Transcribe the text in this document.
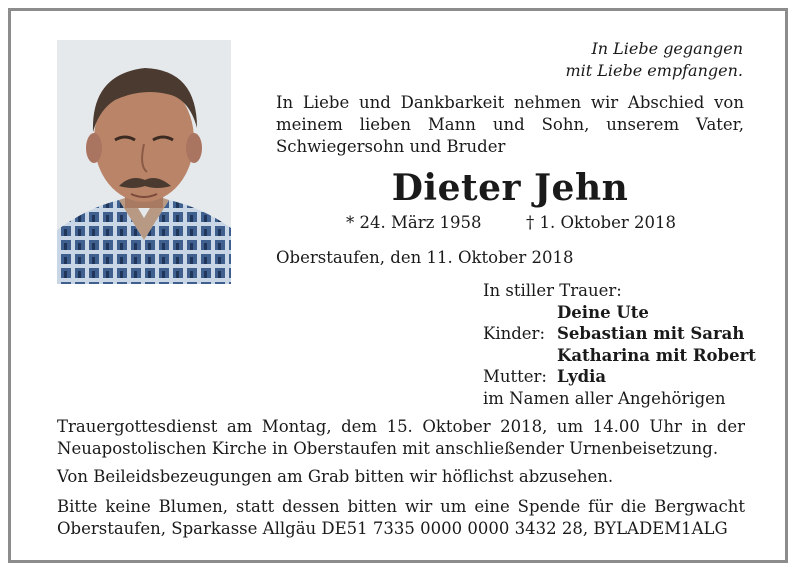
In Liebe gegangen
mit Liebe empfangen.
In Liebe und Dankbarkeit nehmen wir Abschied von meinem lieben Mann und Sohn, unserem Vater, Schwiegersohn und Bruder
Dieter Jehn
* 24. März 1958	† 1. Oktober 2018
Oberstaufen, den 11. Oktober 2018
In stiller Trauer:
Deine Ute
Kinder: Sebastian mit Sarah
Katharina mit Robert
Mutter: Lydia
im Namen aller Angehörigen

Trauergottesdienst am Montag, dem 15. Oktober 2018, um 14.00 Uhr in der Neuapostolischen Kirche in Oberstaufen mit anschließender Urnenbeisetzung.

Von Beileidsbezeugungen am Grab bitten wir höflichst abzusehen.

Bitte keine Blumen, statt dessen bitten wir um eine Spende für die Bergwacht Oberstaufen, Sparkasse Allgäu DE51 7335 0000 0000 3432 28, BYLADEM1ALG
